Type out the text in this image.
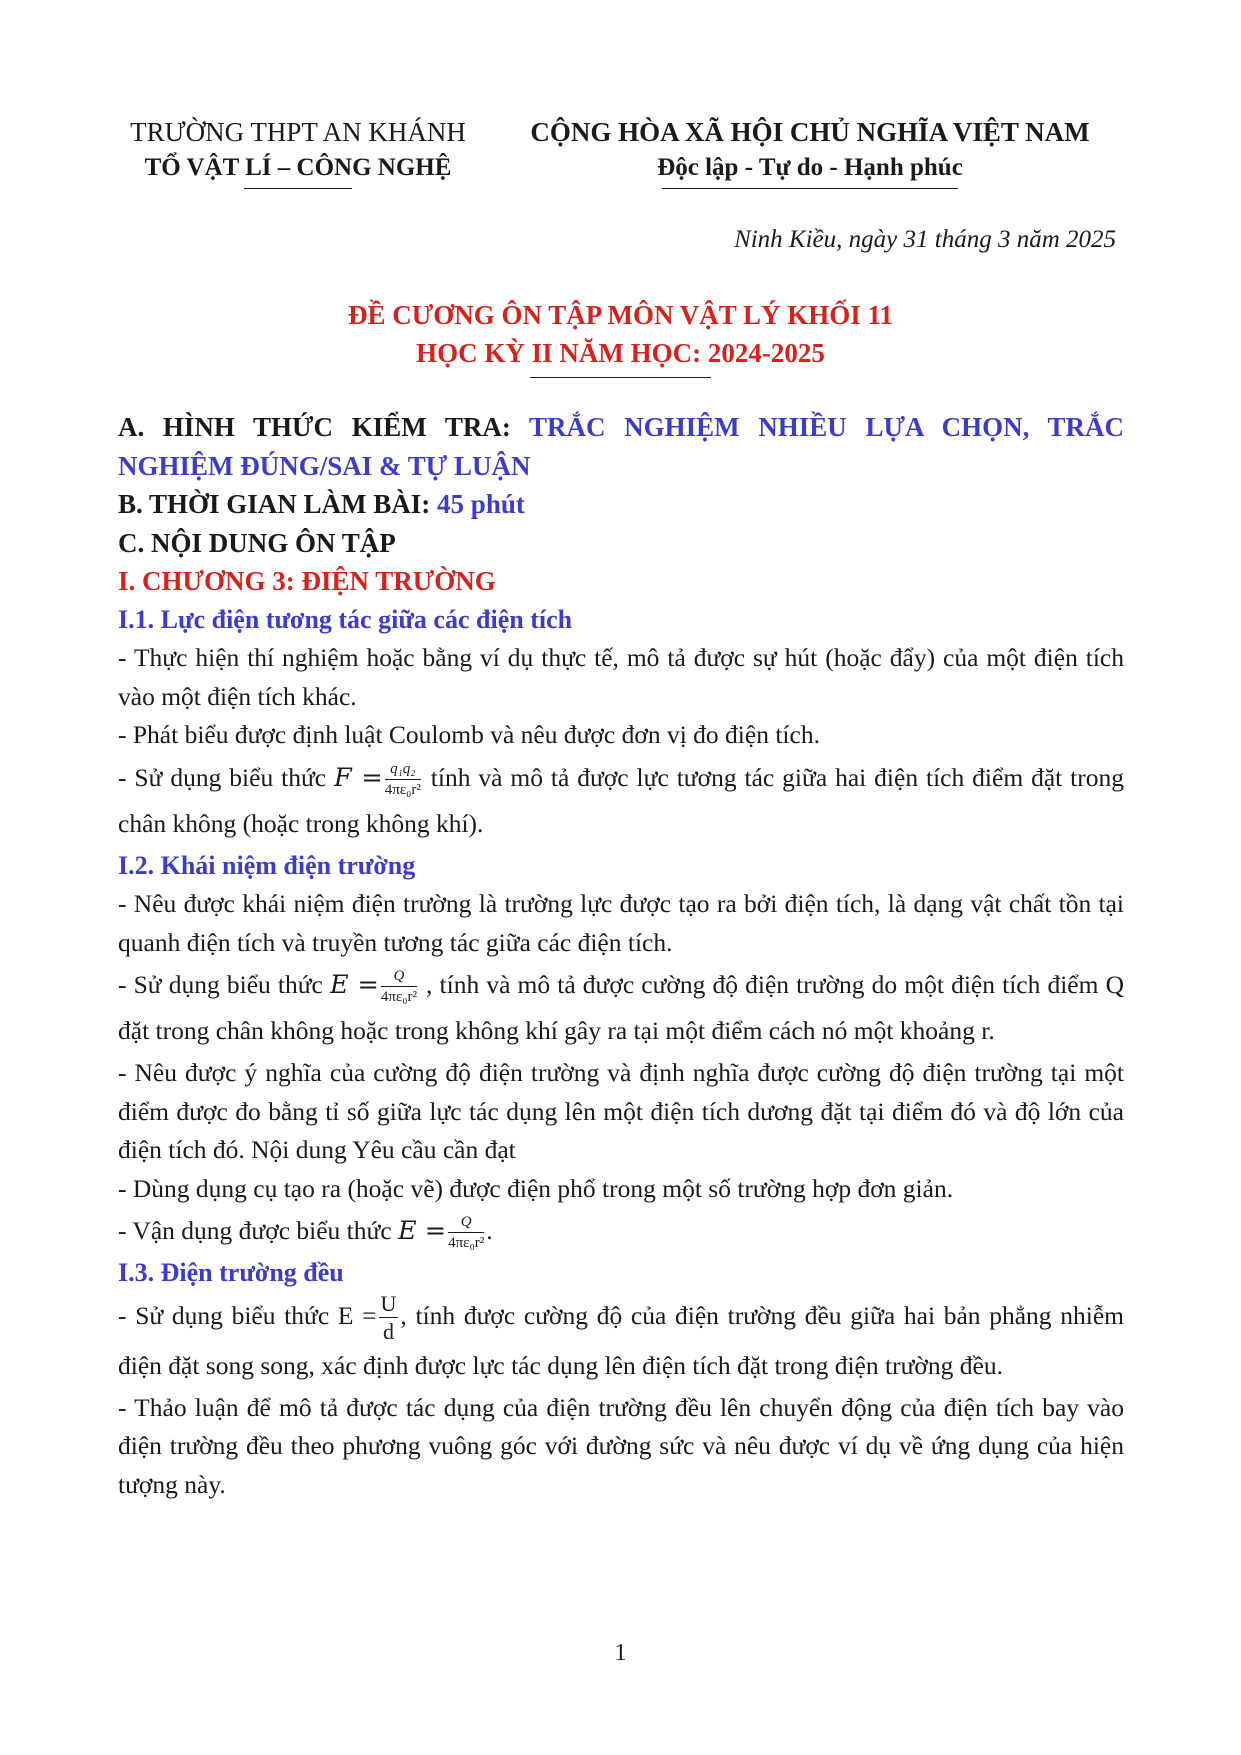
TRƯỜNG THPT AN KHÁNH
TỔ VẬT LÍ – CÔNG NGHỆ
CỘNG HÒA XÃ HỘI CHỦ NGHĨA VIỆT NAM
Độc lập - Tự do - Hạnh phúc
Ninh Kiều, ngày 31 tháng 3 năm 2025
ĐỀ CƯƠNG ÔN TẬP MÔN VẬT LÝ KHỐI 11
HỌC KỲ II NĂM HỌC: 2024-2025

A. HÌNH THỨC KIỂM TRA: TRẮC NGHIỆM NHIỀU LỰA CHỌN, TRẮC NGHIỆM ĐÚNG/SAI & TỰ LUẬN

B. THỜI GIAN LÀM BÀI: 45 phút

C. NỘI DUNG ÔN TẬP

I. CHƯƠNG 3: ĐIỆN TRƯỜNG

I.1. Lực điện tương tác giữa các điện tích

- Thực hiện thí nghiệm hoặc bằng ví dụ thực tế, mô tả được sự hút (hoặc đẩy) của một điện tích vào một điện tích khác.

- Phát biểu được định luật Coulomb và nêu được đơn vị đo điện tích.

- Sử dụng biểu thức $F = \frac{\text{q₁q₂}}{\text{4πε₀r²}}$ tính và mô tả được lực tương tác giữa hai điện tích điểm đặt trong chân không (hoặc trong không khí).

I.2. Khái niệm điện trường

- Nêu được khái niệm điện trường là trường lực được tạo ra bởi điện tích, là dạng vật chất tồn tại quanh điện tích và truyền tương tác giữa các điện tích.

- Sử dụng biểu thức $E = \frac{Q}{\text{4πε₀r²}}$ , tính và mô tả được cường độ điện trường do một điện tích điểm Q đặt trong chân không hoặc trong không khí gây ra tại một điểm cách nó một khoảng r.

- Nêu được ý nghĩa của cường độ điện trường và định nghĩa được cường độ điện trường tại một điểm được đo bằng tỉ số giữa lực tác dụng lên một điện tích dương đặt tại điểm đó và độ lớn của điện tích đó. Nội dung Yêu cầu cần đạt

- Dùng dụng cụ tạo ra (hoặc vẽ) được điện phổ trong một số trường hợp đơn giản.

- Vận dụng được biểu thức $E = \frac{Q}{\text{4πε₀r²}}$ .

I.3. Điện trường đều

- Sử dụng biểu thức $E = \frac{U}{d}$ , tính được cường độ của điện trường đều giữa hai bản phẳng nhiễm điện đặt song song, xác định được lực tác dụng lên điện tích đặt trong điện trường đều.

- Thảo luận để mô tả được tác dụng của điện trường đều lên chuyển động của điện tích bay vào điện trường đều theo phương vuông góc với đường sức và nêu được ví dụ về ứng dụng của hiện tượng này.

1
